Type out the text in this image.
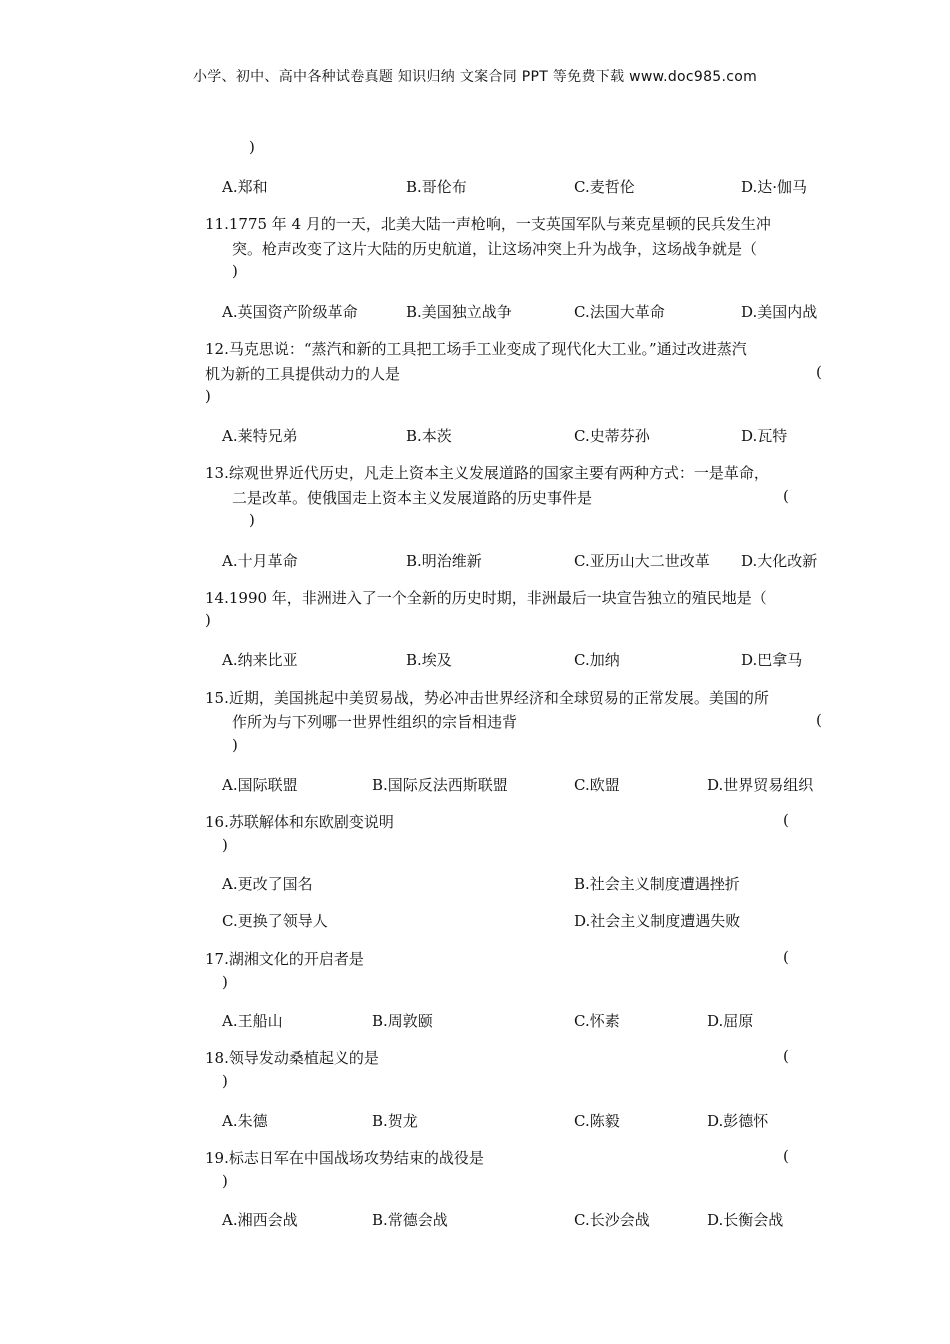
小学、初中、高中各种试卷真题 知识归纳 文案合同 PPT 等免费下载 www.doc985.com
)
A.郑和	B.哥伦布	C.麦哲伦	D.达·伽马
11.1775 年 4 月的一天，北美大陆一声枪响，一支英国军队与莱克星顿的民兵发生冲
突。枪声改变了这片大陆的历史航道，让这场冲突上升为战争，这场战争就是（
)
A.英国资产阶级革命	B.美国独立战争	C.法国大革命	D.美国内战
12.马克思说：“蒸汽和新的工具把工场手工业变成了现代化大工业。”通过改进蒸汽
机为新的工具提供动力的人是	(
)
A.莱特兄弟	B.本茨	C.史蒂芬孙	D.瓦特
13.综观世界近代历史，凡走上资本主义发展道路的国家主要有两种方式：一是革命，
二是改革。使俄国走上资本主义发展道路的历史事件是	(
)
A.十月革命	B.明治维新	C.亚历山大二世改革 D.大化改新
14.1990 年，非洲进入了一个全新的历史时期，非洲最后一块宣告独立的殖民地是（
)
A.纳来比亚	B.埃及	C.加纳	D.巴拿马
15.近期，美国挑起中美贸易战，势必冲击世界经济和全球贸易的正常发展。美国的所
作所为与下列哪一世界性组织的宗旨相违背	(
)
A.国际联盟	B.国际反法西斯联盟	C.欧盟	D.世界贸易组织
16.苏联解体和东欧剧变说明	(
)
A.更改了国名	B.社会主义制度遭遇挫折
C.更换了领导人	D.社会主义制度遭遇失败
17.湖湘文化的开启者是	(
)
A.王船山	B.周敦颐	C.怀素	D.屈原
18.领导发动桑植起义的是	(
)
A.朱德	B.贺龙	C.陈毅	D.彭德怀
19.标志日军在中国战场攻势结束的战役是	(
)
A.湘西会战	B.常德会战	C.长沙会战	D.长衡会战
